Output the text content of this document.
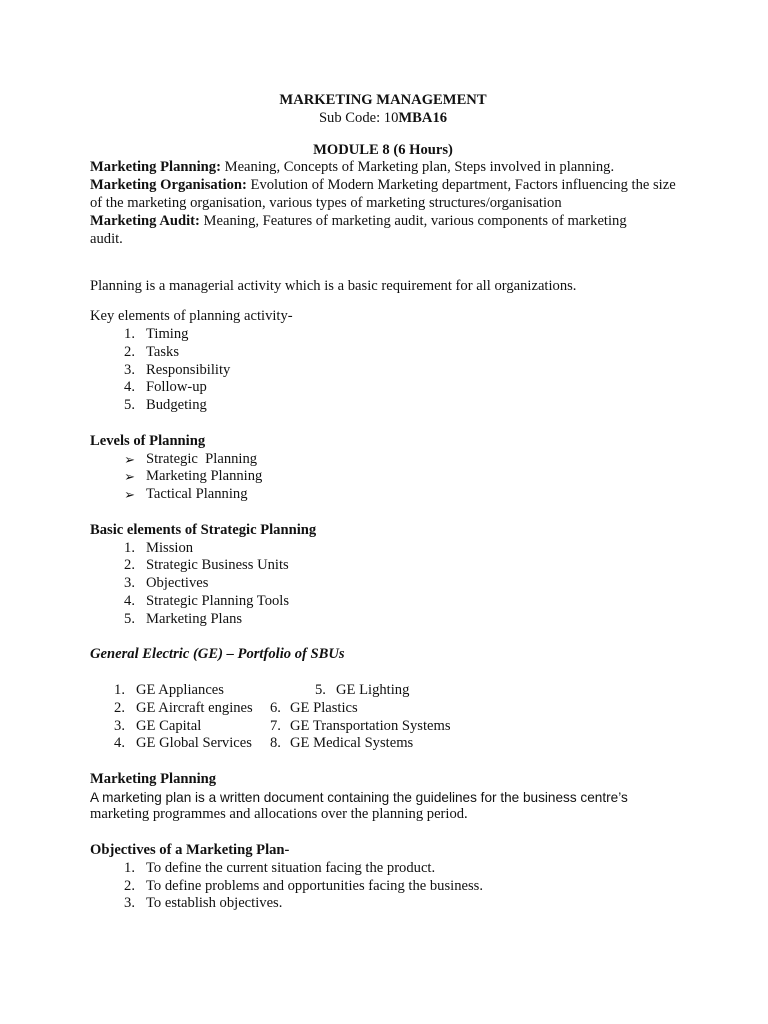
MARKETING MANAGEMENT
Sub Code: 10MBA16
MODULE 8 (6 Hours)
Marketing Planning: Meaning, Concepts of Marketing plan, Steps involved in planning.
Marketing Organisation: Evolution of Modern Marketing department, Factors influencing the size of the marketing organisation, various types of marketing structures/organisation
Marketing Audit: Meaning, Features of marketing audit, various components of marketing audit.
Planning is a managerial activity which is a basic requirement for all organizations.
Key elements of planning activity-
1. Timing
2. Tasks
3. Responsibility
4. Follow-up
5. Budgeting
Levels of Planning
➢ Strategic  Planning
➢ Marketing Planning
➢ Tactical Planning
Basic elements of Strategic Planning
1. Mission
2. Strategic Business Units
3. Objectives
4. Strategic Planning Tools
5. Marketing Plans
General Electric (GE) – Portfolio of SBUs
1. GE Appliances	5. GE Lighting
2. GE Aircraft engines	6. GE Plastics
3. GE Capital	7. GE Transportation Systems
4. GE Global Services	8. GE Medical Systems
Marketing Planning
A marketing plan is a written document containing the guidelines for the business centre’s
marketing programmes and allocations over the planning period.
Objectives of a Marketing Plan-
1. To define the current situation facing the product.
2. To define problems and opportunities facing the business.
3. To establish objectives.
